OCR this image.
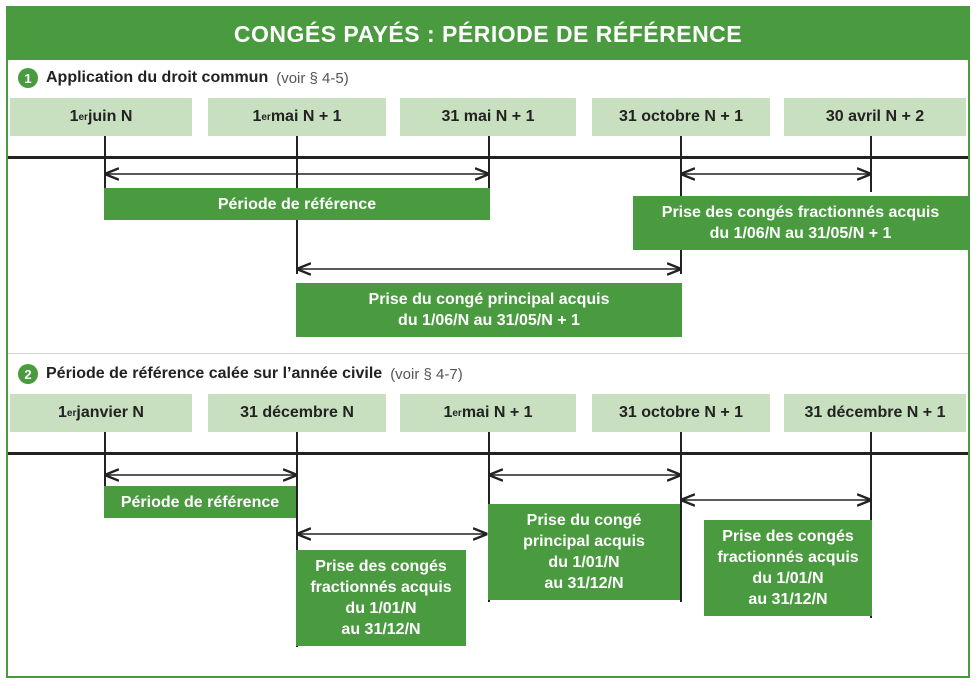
CONGÉS PAYÉS : PÉRIODE DE RÉFÉRENCE
1 Application du droit commun (voir § 4-5)
1 er juin N	1 er mai N + 1	31 mai N + 1	31 octobre N + 1	30 avril N + 2
Période de référence	Prise des congés fractionnés acquis
du 1/06/N au 31/05/N + 1
Prise du congé principal acquis
du 1/06/N au 31/05/N + 1
2 Période de référence calée sur l’année civile (voir § 4-7)
1 er janvier N	31 décembre N	1 er mai N + 1	31 octobre N + 1	31 décembre N + 1
Période de référence
Prise des congés
fractionnés acquis
du 1/01/N
au 31/12/N
Prise du congé
principal acquis
du 1/01/N
au 31/12/N
Prise des congés
fractionnés acquis
du 1/01/N
au 31/12/N
